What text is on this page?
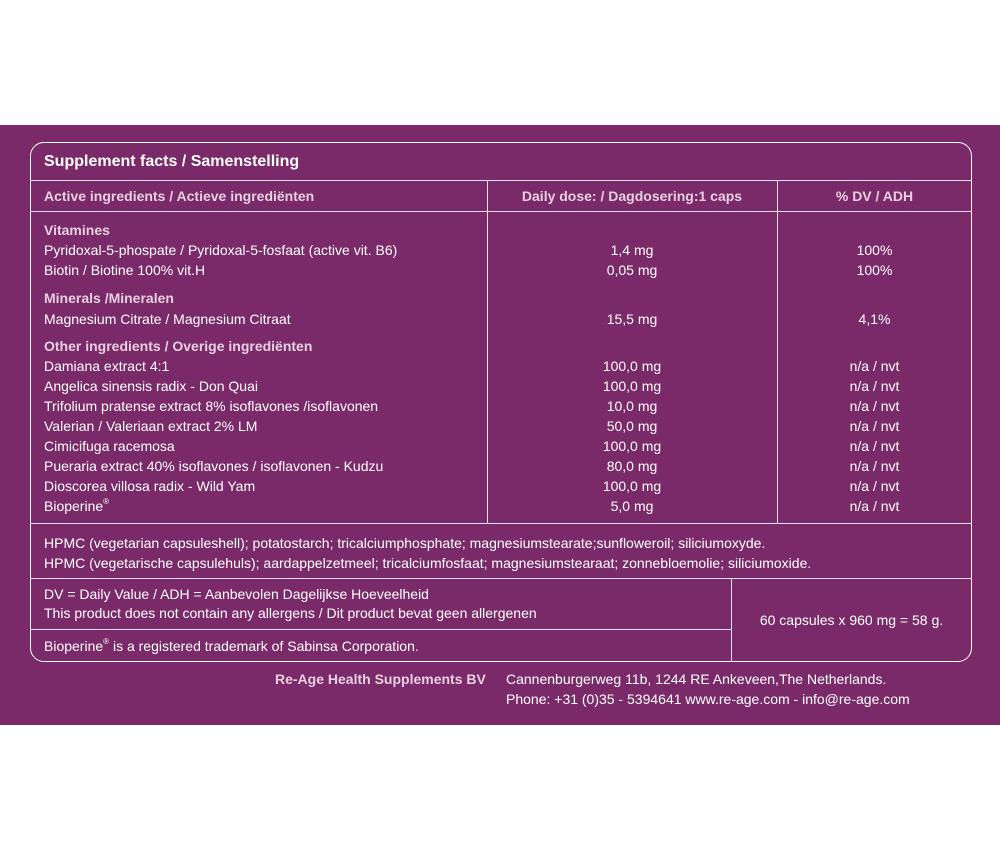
Supplement facts / Samenstelling
Active ingredients / Actieve ingrediënten	Daily dose: / Dagdosering:1 caps	% DV / ADH
Vitamines
Pyridoxal-5-phospate / Pyridoxal-5-fosfaat (active vit. B6)	1,4 mg	100%
Biotin / Biotine 100% vit.H	0,05 mg	100%
Minerals /Mineralen
Magnesium Citrate / Magnesium Citraat	15,5 mg	4,1%
Other ingredients / Overige ingrediënten
Damiana extract 4:1	100,0 mg	n/a / nvt
Angelica sinensis radix - Don Quai	100,0 mg	n/a / nvt
Trifolium pratense extract 8% isoflavones /isoflavonen	10,0 mg	n/a / nvt
Valerian / Valeriaan extract 2% LM	50,0 mg	n/a / nvt
Cimicifuga racemosa	100,0 mg	n/a / nvt
Pueraria extract 40% isoflavones / isoflavonen - Kudzu	80,0 mg	n/a / nvt
Dioscorea villosa radix - Wild Yam	100,0 mg	n/a / nvt
Bioperine®	5,0 mg	n/a / nvt
HPMC (vegetarian capsuleshell); potatostarch; tricalciumphosphate; magnesiumstearate;sunfloweroil; siliciumoxyde.
HPMC (vegetarische capsulehuls); aardappelzetmeel; tricalciumfosfaat; magnesiumstearaat; zonnebloemolie; siliciumoxide.
DV = Daily Value / ADH = Aanbevolen Dagelijkse Hoeveelheid
This product does not contain any allergens / Dit product bevat geen allergenen
Bioperine® is a registered trademark of Sabinsa Corporation.
60 capsules x 960 mg = 58 g.
Re-Age Health Supplements BV Cannenburgerweg 11b, 1244 RE Ankeveen,The Netherlands.
Phone: +31 (0)35 - 5394641 www.re-age.com - info@re-age.com
